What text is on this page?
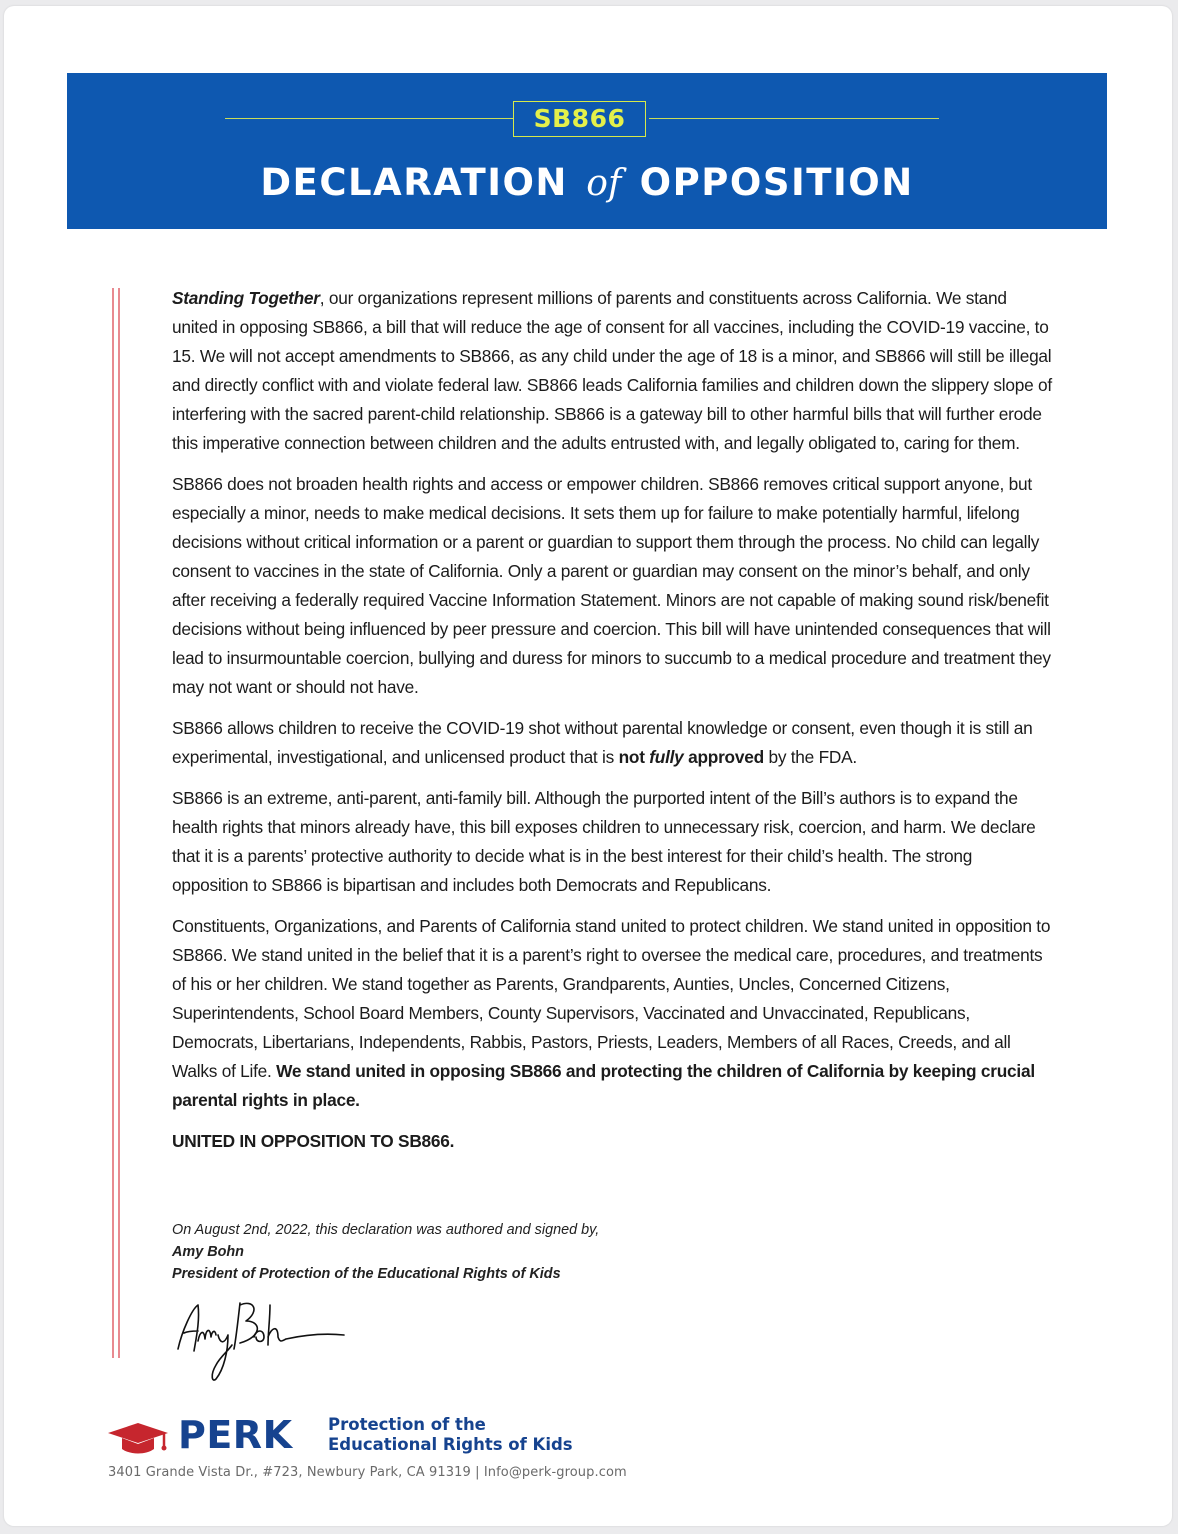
SB866
DECLARATION of OPPOSITION

Standing Together, our organizations represent millions of parents and constituents across California. We stand united in opposing SB866, a bill that will reduce the age of consent for all vaccines, including the COVID-19 vaccine, to 15. We will not accept amendments to SB866, as any child under the age of 18 is a minor, and SB866 will still be illegal and directly conflict with and violate federal law. SB866 leads California families and children down the slippery slope of interfering with the sacred parent-child relationship. SB866 is a gateway bill to other harmful bills that will further erode this imperative connection between children and the adults entrusted with, and legally obligated to, caring for them.

SB866 does not broaden health rights and access or empower children. SB866 removes critical support anyone, but especially a minor, needs to make medical decisions. It sets them up for failure to make potentially harmful, lifelong decisions without critical information or a parent or guardian to support them through the process. No child can legally consent to vaccines in the state of California. Only a parent or guardian may consent on the minor’s behalf, and only after receiving a federally required Vaccine Information Statement. Minors are not capable of making sound risk/benefit decisions without being influenced by peer pressure and coercion. This bill will have unintended consequences that will lead to insurmountable coercion, bullying and duress for minors to succumb to a medical procedure and treatment they may not want or should not have.

SB866 allows children to receive the COVID-19 shot without parental knowledge or consent, even though it is still an experimental, investigational, and unlicensed product that is not fully approved by the FDA.

SB866 is an extreme, anti-parent, anti-family bill. Although the purported intent of the Bill’s authors is to expand the health rights that minors already have, this bill exposes children to unnecessary risk, coercion, and harm. We declare that it is a parents’ protective authority to decide what is in the best interest for their child’s health. The strong opposition to SB866 is bipartisan and includes both Democrats and Republicans.

Constituents, Organizations, and Parents of California stand united to protect children. We stand united in opposition to SB866. We stand united in the belief that it is a parent’s right to oversee the medical care, procedures, and treatments of his or her children. We stand together as Parents, Grandparents, Aunties, Uncles, Concerned Citizens, Superintendents, School Board Members, County Supervisors, Vaccinated and Unvaccinated, Republicans, Democrats, Libertarians, Independents, Rabbis, Pastors, Priests, Leaders, Members of all Races, Creeds, and all Walks of Life. We stand united in opposing SB866 and protecting the children of California by keeping crucial parental rights in place.

UNITED IN OPPOSITION TO SB866.
On August 2nd, 2022, this declaration was authored and signed by,
Amy Bohn
President of Protection of the Educational Rights of Kids
PERK Protection of the
Educational Rights of Kids
3401 Grande Vista Dr., #723, Newbury Park, CA 91319 | Info@perk-group.com
